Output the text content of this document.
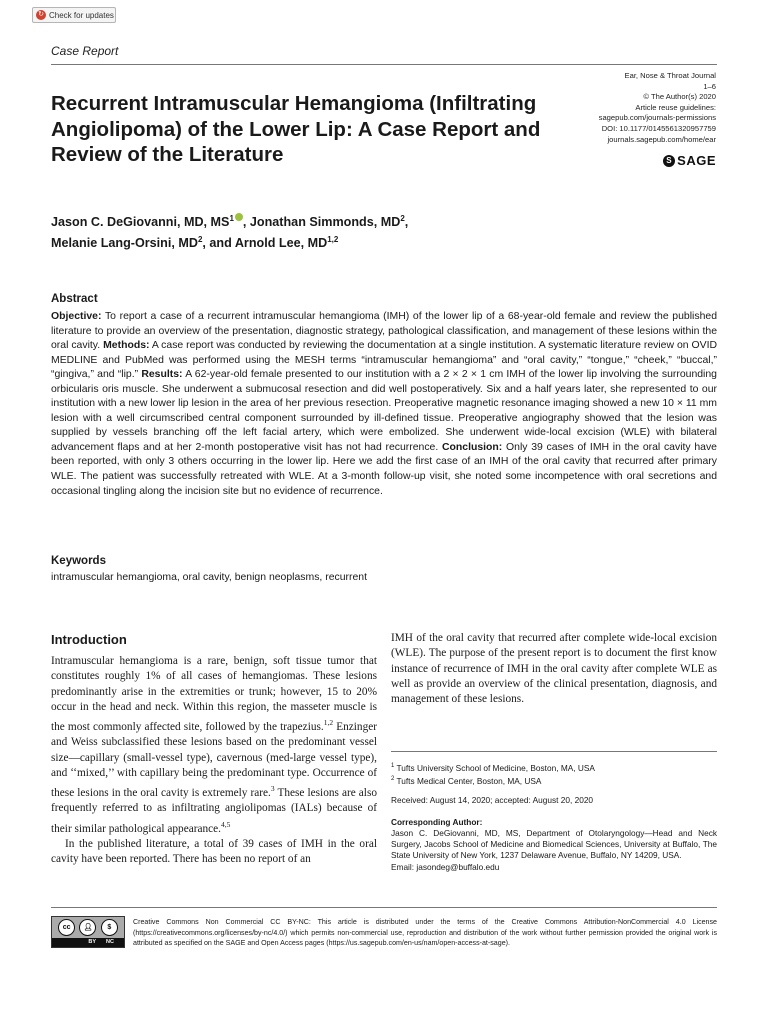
↻ Check for updates
Case Report
Ear, Nose & Throat Journal
1–6
© The Author(s) 2020
Article reuse guidelines:
sagepub.com/journals-permissions
DOI: 10.1177/0145561320957759
journals.sagepub.com/home/ear
S SAGE
Recurrent Intramuscular Hemangioma (Infiltrating Angiolipoma) of the Lower Lip: A Case Report and Review of the Literature
Jason C. DeGiovanni, MD, $MS^1$ , Jonathan Simmonds, $MD^2$,
Melanie Lang-Orsini, $MD^2$, and Arnold Lee, MD$^{1,2}$
Abstract

Objective: To report a case of a recurrent intramuscular hemangioma (IMH) of the lower lip of a 68-year-old female and review the published literature to provide an overview of the presentation, diagnostic strategy, pathological classification, and management of these lesions within the oral cavity. Methods: A case report was conducted by reviewing the documentation at a single institution. A systematic literature review on OVID MEDLINE and PubMed was performed using the MESH terms “intramuscular hemangioma” and “oral cavity,” “tongue,” “cheek,” “buccal,” “gingiva,” and “lip.” Results: A 62-year-old female presented to our institution with a 2 × 2 × 1 cm IMH of the lower lip involving the surrounding orbicularis oris muscle. She underwent a submucosal resection and did well postoperatively. Six and a half years later, she represented to our institution with a new lower lip lesion in the area of her previous resection. Preoperative magnetic resonance imaging showed a new 10 × 11 mm lesion with a well circumscribed central component surrounded by ill-defined tissue. Preoperative angiography showed that the lesion was supplied by vessels branching off the left facial artery, which were embolized. She underwent wide-local excision (WLE) with bilateral advancement flaps and at her 2-month postoperative visit has not had recurrence. Conclusion: Only 39 cases of IMH in the oral cavity have been reported, with only 3 others occurring in the lower lip. Here we add the first case of an IMH of the oral cavity that recurred after primary WLE. The patient was successfully retreated with WLE. At a 3-month follow-up visit, she noted some incompetence with oral secretions and occasional tingling along the incision site but no evidence of recurrence.

Keywords
intramuscular hemangioma, oral cavity, benign neoplasms, recurrent
Introduction

Intramuscular hemangioma is a rare, benign, soft tissue tumor that constitutes roughly 1% of all cases of hemangiomas. These lesions predominantly arise in the extremities or trunk; however, 15 to 20% occur in the head and neck. Within this region, the masseter muscle is the most commonly affected site, followed by the trapezius.$^{1,2}$ Enzinger and Weiss subclassified these lesions based on the predominant vessel size—capillary (small-vessel type), cavernous (med-large vessel type), and ‘‘mixed,’’ with capillary being the predominant type. Occurrence of these lesions in the oral cavity is extremely rare.$^3$ These lesions are also frequently referred to as infiltrating angiolipomas (IALs) because of their similar pathological appearance.$^{4,5}$

In the published literature, a total of 39 cases of IMH in the oral cavity have been reported. There has been no report of an

IMH of the oral cavity that recurred after complete wide-local excision (WLE). The purpose of the present report is to document the first know instance of recurrence of IMH in the oral cavity after complete WLE as well as provide an overview of the clinical presentation, diagnosis, and management of these lesions.

$^1$ Tufts University School of Medicine, Boston, MA, USA
$^2$ Tufts Medical Center, Boston, MA, USA
Received: August 14, 2020; accepted: August 20, 2020
Corresponding Author:
Jason C. DeGiovanni, MD, MS, Department of Otolaryngology—Head and Neck Surgery, Jacobs School of Medicine and Biomedical Sciences, University at Buffalo, The State University of New York, 1237 Delaware Avenue, Buffalo, NY 14209, USA.
Email: jasondeg@buffalo.edu
cc	👤︎	$
BY NC
Creative Commons Non Commercial CC BY-NC: This article is distributed under the terms of the Creative Commons Attribution-NonCommercial 4.0 License (https://creativecommons.org/licenses/by-nc/4.0/) which permits non-commercial use, reproduction and distribution of the work without further permission provided the original work is attributed as specified on the SAGE and Open Access pages (https://us.sagepub.com/en-us/nam/open-access-at-sage).
